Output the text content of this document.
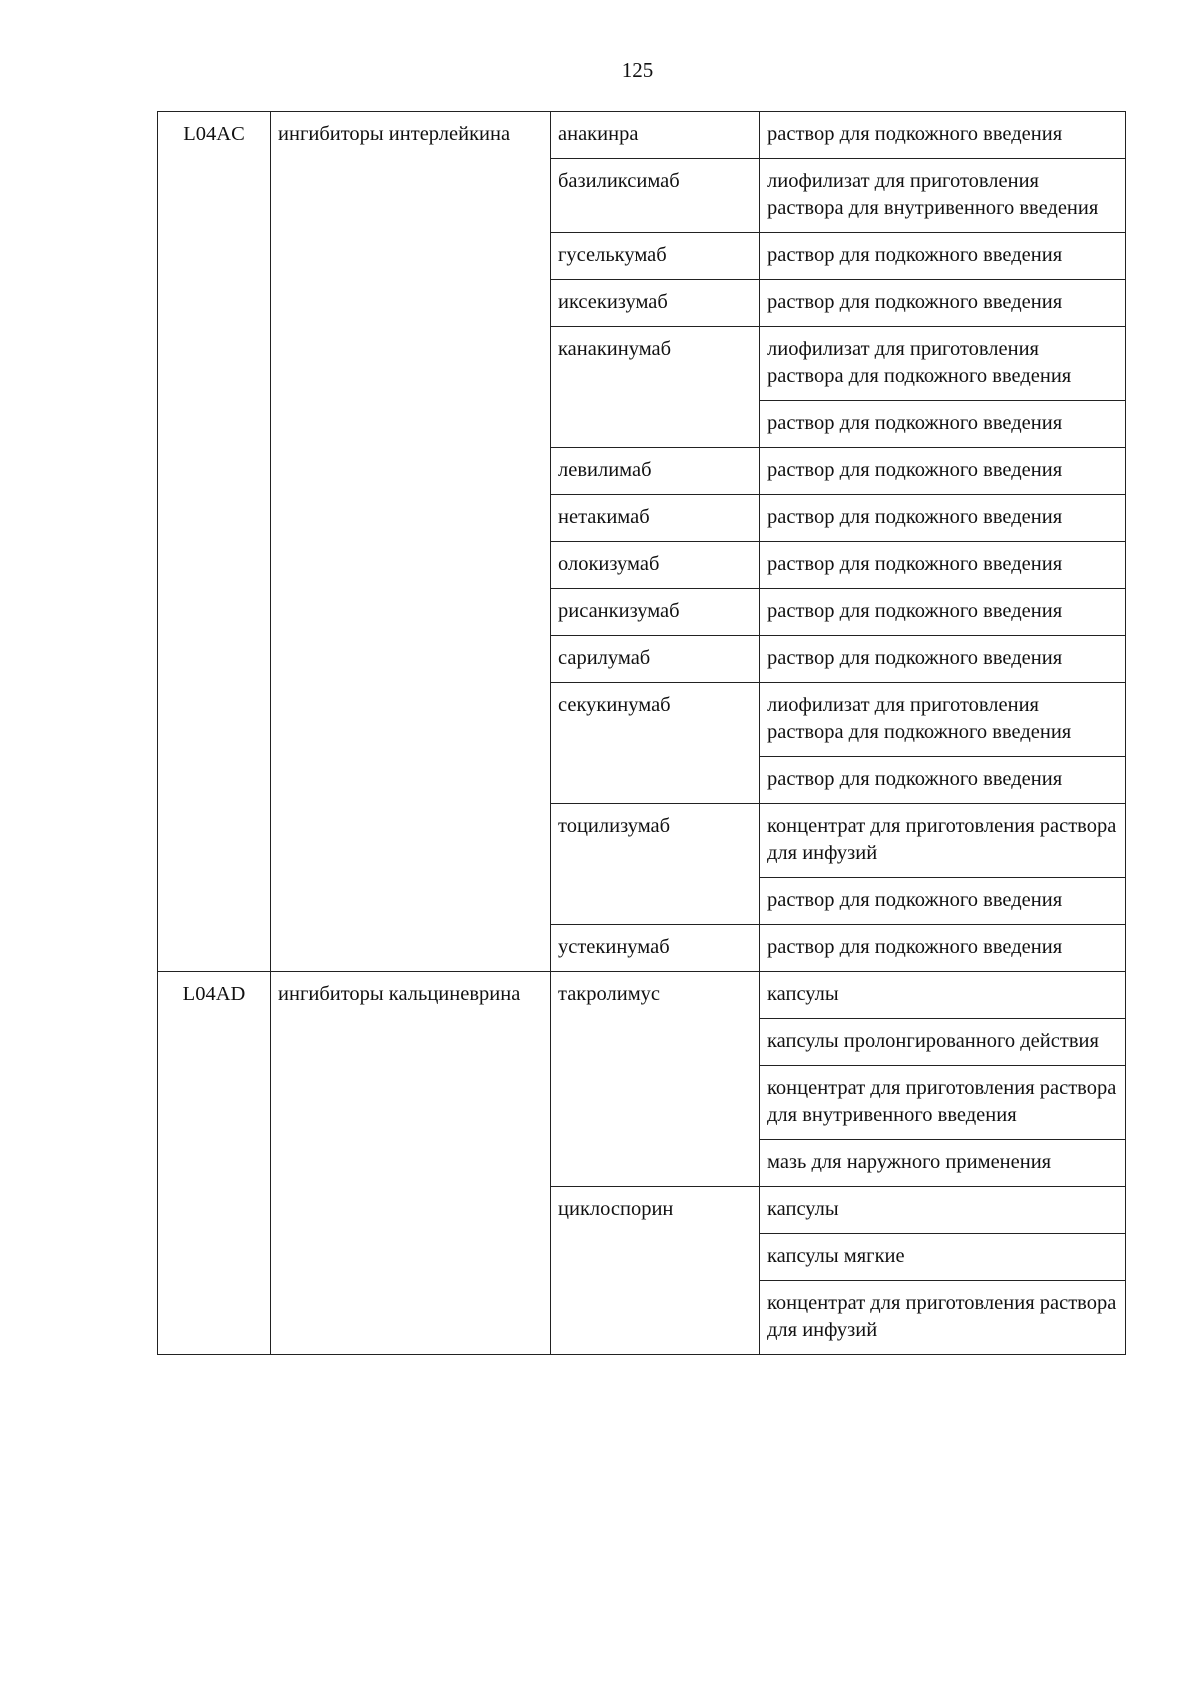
125
L04AC	ингибиторы интерлейкина	анакинра	раствор для подкожного введения
		базиликсимаб	лиофилизат для приготовления раствора для внутривенного введения
		гуселькумаб	раствор для подкожного введения
		иксекизумаб	раствор для подкожного введения
		канакинумаб	лиофилизат для приготовления раствора для подкожного введения
			раствор для подкожного введения
		левилимаб	раствор для подкожного введения
		нетакимаб	раствор для подкожного введения
		олокизумаб	раствор для подкожного введения
		рисанкизумаб	раствор для подкожного введения
		сарилумаб	раствор для подкожного введения
		секукинумаб	лиофилизат для приготовления раствора для подкожного введения
			раствор для подкожного введения
		тоцилизумаб	концентрат для приготовления раствора для инфузий
			раствор для подкожного введения
		устекинумаб	раствор для подкожного введения
L04AD	ингибиторы кальциневрина	такролимус	капсулы
			капсулы пролонгированного действия
			концентрат для приготовления раствора для внутривенного введения
			мазь для наружного применения
		циклоспорин	капсулы
			капсулы мягкие
			концентрат для приготовления раствора для инфузий
